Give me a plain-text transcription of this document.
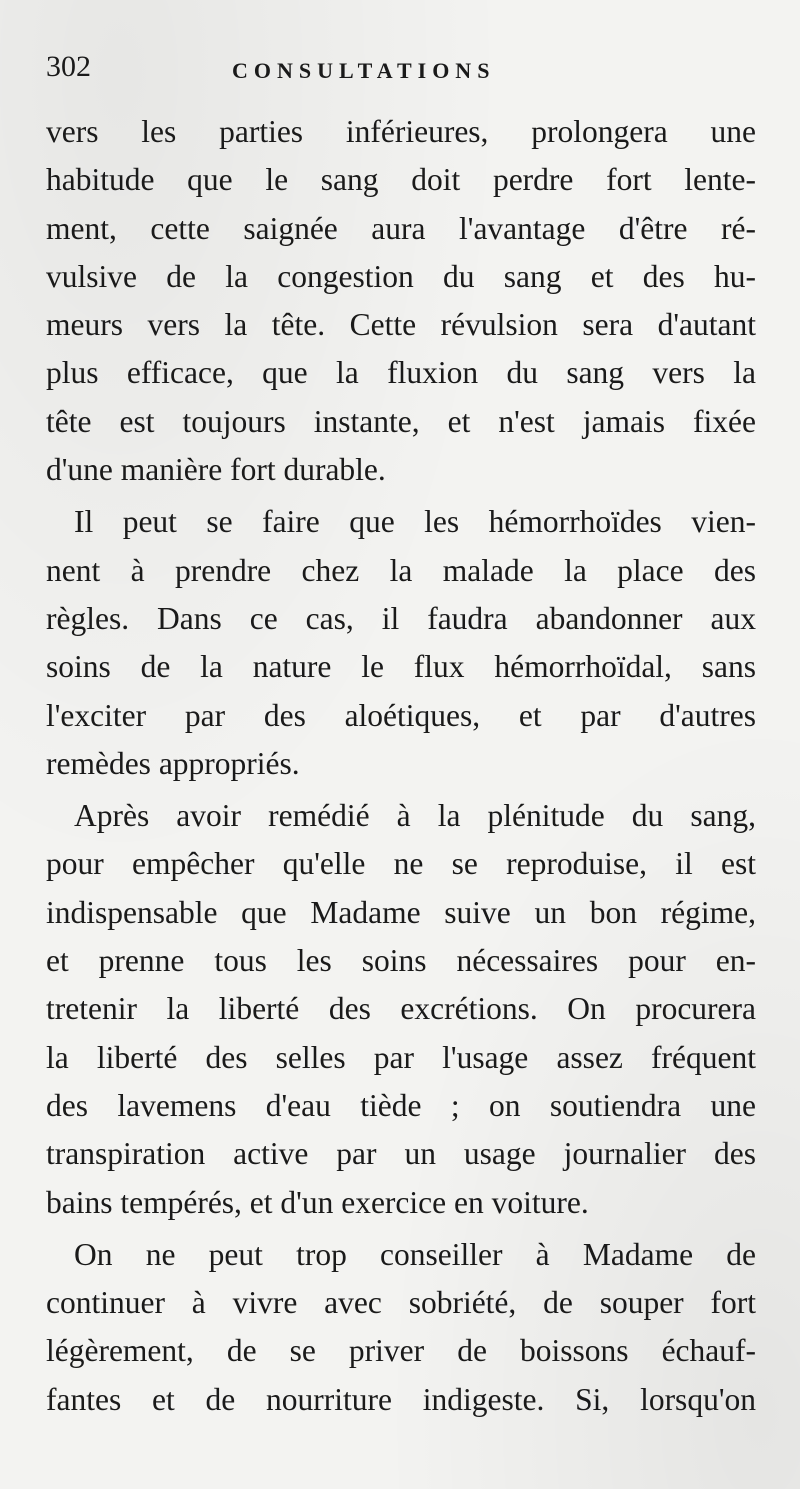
302	CONSULTATIONS
vers les parties inférieures, prolongera une
habitude que le sang doit perdre fort lente-
ment, cette saignée aura l'avantage d'être ré-
vulsive de la congestion du sang et des hu-
meurs vers la tête. Cette révulsion sera d'autant
plus efficace, que la fluxion du sang vers la
tête est toujours instante, et n'est jamais fixée
d'une manière fort durable.
Il peut se faire que les hémorrhoïdes vien-
nent à prendre chez la malade la place des
règles. Dans ce cas, il faudra abandonner aux
soins de la nature le flux hémorrhoïdal, sans
l'exciter par des aloétiques, et par d'autres
remèdes appropriés.
Après avoir remédié à la plénitude du sang,
pour empêcher qu'elle ne se reproduise, il est
indispensable que Madame suive un bon régime,
et prenne tous les soins nécessaires pour en-
tretenir la liberté des excrétions. On procurera
la liberté des selles par l'usage assez fréquent
des lavemens d'eau tiède ; on soutiendra une
transpiration active par un usage journalier des
bains tempérés, et d'un exercice en voiture.
On ne peut trop conseiller à Madame de
continuer à vivre avec sobriété, de souper fort
légèrement, de se priver de boissons échauf-
fantes et de nourriture indigeste. Si, lorsqu'on
